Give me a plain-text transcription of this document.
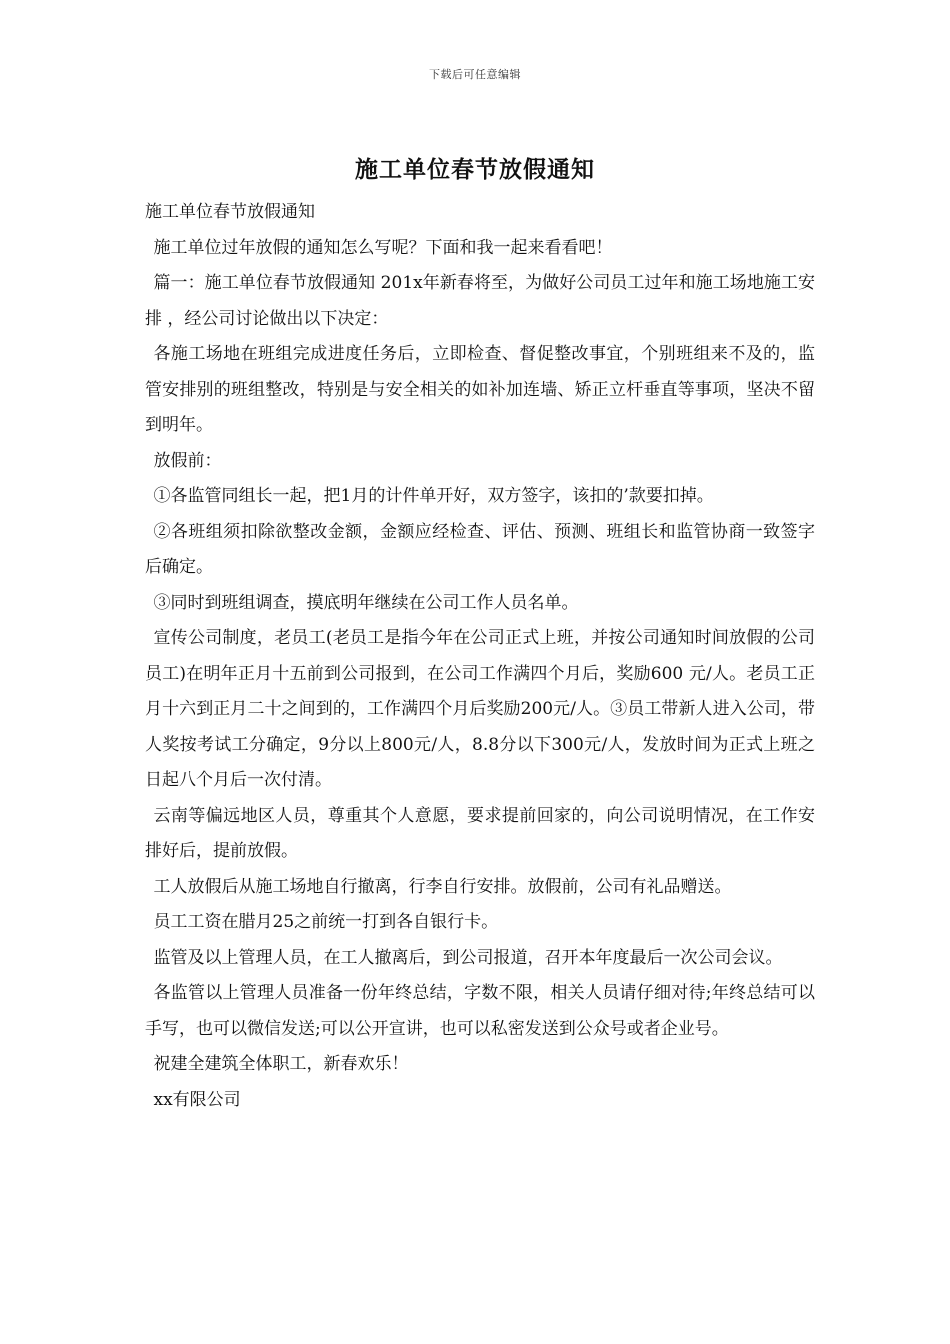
下载后可任意编辑
施工单位春节放假通知

施工单位春节放假通知

施工单位过年放假的通知怎么写呢？下面和我一起来看看吧！

篇一：施工单位春节放假通知 201x年新春将至，为做好公司员工过年和施工场地施工安排 ，经公司讨论做出以下决定：

各施工场地在班组完成进度任务后，立即检查、督促整改事宜，个别班组来不及的，监管安排别的班组整改，特别是与安全相关的如补加连墙、矫正立杆垂直等事项，坚决不留到明年。

放假前：

①各监管同组长一起，把1月的计件单开好，双方签字，该扣的’款要扣掉。

②各班组须扣除欲整改金额，金额应经检查、评估、预测、班组长和监管协商一致签字后确定。

③同时到班组调查，摸底明年继续在公司工作人员名单。

宣传公司制度，老员工(老员工是指今年在公司正式上班，并按公司通知时间放假的公司员工)在明年正月十五前到公司报到，在公司工作满四个月后，奖励600 元/人。老员工正月十六到正月二十之间到的，工作满四个月后奖励200元/人。③员工带新人进入公司，带人奖按考试工分确定，9分以上800元/人，8.8分以下300元/人，发放时间为正式上班之日起八个月后一次付清。

云南等偏远地区人员，尊重其个人意愿，要求提前回家的，向公司说明情况，在工作安排好后，提前放假。

工人放假后从施工场地自行撤离，行李自行安排。放假前，公司有礼品赠送。

员工工资在腊月25之前统一打到各自银行卡。

监管及以上管理人员，在工人撤离后，到公司报道，召开本年度最后一次公司会议。

各监管以上管理人员准备一份年终总结，字数不限，相关人员请仔细对待;年终总结可以手写，也可以微信发送;可以公开宣讲，也可以私密发送到公众号或者企业号。

祝建全建筑全体职工，新春欢乐！

xx有限公司
